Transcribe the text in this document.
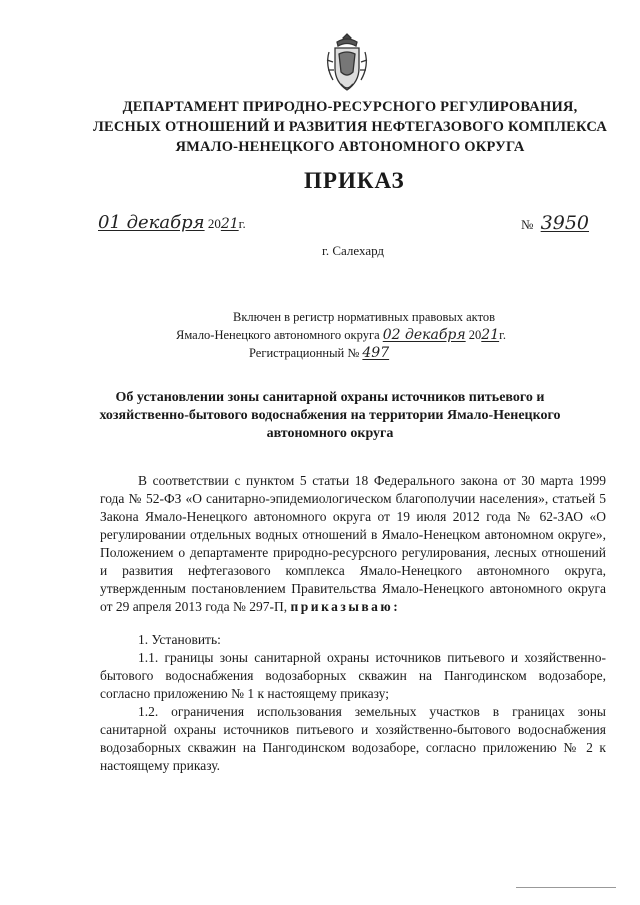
ДЕПАРТАМЕНТ ПРИРОДНО-РЕСУРСНОГО РЕГУЛИРОВАНИЯ,
ЛЕСНЫХ ОТНОШЕНИЙ И РАЗВИТИЯ НЕФТЕГАЗОВОГО КОМПЛЕКСА
ЯМАЛО-НЕНЕЦКОГО АВТОНОМНОГО ОКРУГА
ПРИКАЗ
01 декабря 2021г.	№ 3950
г. Салехард
Включен в регистр нормативных правовых актов
Ямало-Ненецкого автономного округа 02 декабря 2021г.
Регистрационный № 497
Об установлении зоны санитарной охраны источников питьевого и
хозяйственно-бытового водоснабжения на территории Ямало-Ненецкого
автономного округа

В соответствии с пунктом 5 статьи 18 Федерального закона от 30 марта 1999 года № 52-ФЗ «О санитарно-эпидемиологическом благополучии населения», статьей 5 Закона Ямало-Ненецкого автономного округа от 19 июля 2012 года № 62-ЗАО «О регулировании отдельных водных отношений в Ямало-Ненецком автономном округе», Положением о департаменте природно-ресурсного регулирования, лесных отношений и развития нефтегазового комплекса Ямало-Ненецкого автономного округа, утвержденным постановлением Правительства Ямало-Ненецкого автономного округа от 29 апреля 2013 года № 297-П, приказываю:

1. Установить:

1.1. границы зоны санитарной охраны источников питьевого и хозяйственно-бытового водоснабжения водозаборных скважин на Пангодинском водозаборе, согласно приложению № 1 к настоящему приказу;

1.2. ограничения использования земельных участков в границах зоны санитарной охраны источников питьевого и хозяйственно-бытового водоснабжения водозаборных скважин на Пангодинском водозаборе, согласно приложению № 2 к настоящему приказу.
